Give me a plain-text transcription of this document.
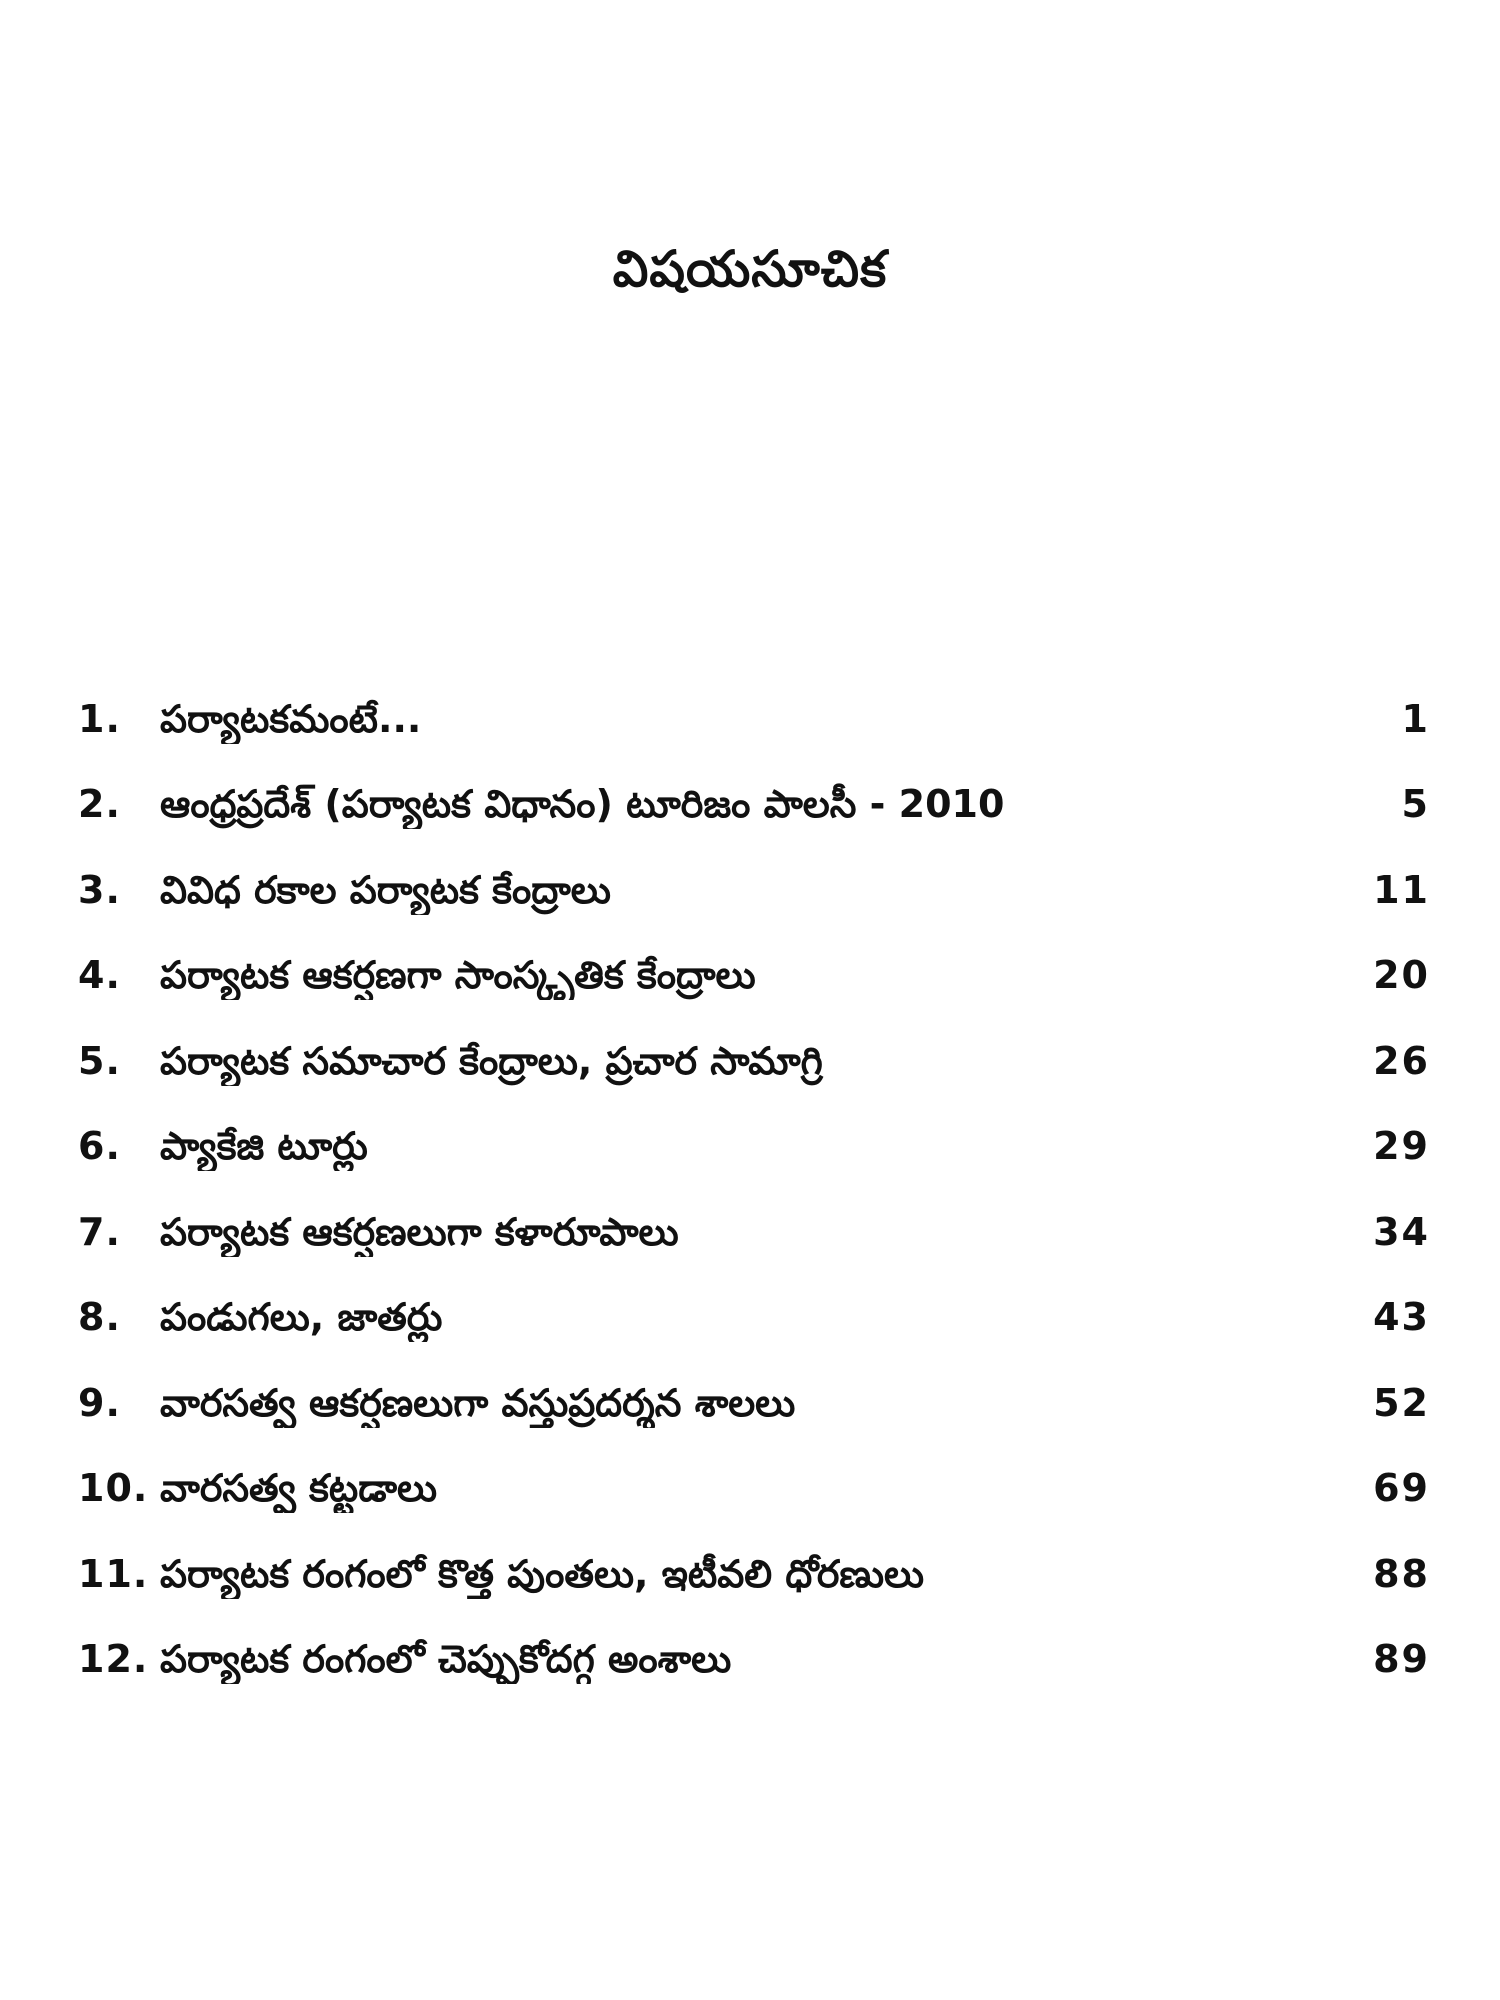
విషయసూచిక
1.	పర్యాటకమంటే...	1
2.	ఆంధ్రప్రదేశ్ (పర్యాటక విధానం) టూరిజం పాలసీ - 2010	5
3.	వివిధ రకాల పర్యాటక కేంద్రాలు	11
4.	పర్యాటక ఆకర్షణగా సాంస్కృతిక కేంద్రాలు	20
5.	పర్యాటక సమాచార కేంద్రాలు, ప్రచార సామాగ్రి	26
6.	ప్యాకేజి టూర్లు	29
7.	పర్యాటక ఆకర్షణలుగా కళారూపాలు	34
8.	పండుగలు, జాతర్లు	43
9.	వారసత్వ ఆకర్షణలుగా వస్తుప్రదర్శన శాలలు	52
10. వారసత్వ కట్టడాలు	69
11. పర్యాటక రంగంలో కొత్త పుంతలు, ఇటీవలి ధోరణులు	88
12. పర్యాటక రంగంలో చెప్పుకోదగ్గ అంశాలు	89
